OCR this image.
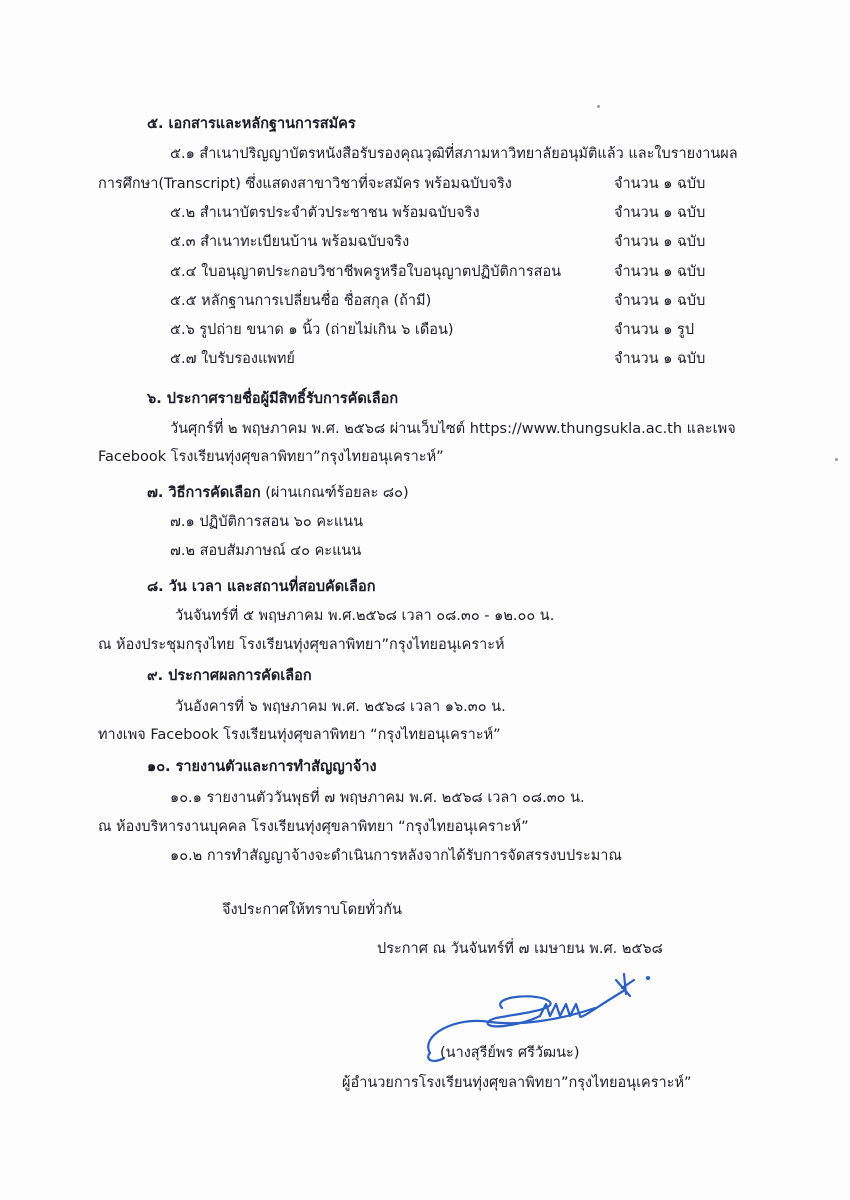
๕. เอกสารและหลักฐานการสมัคร
๕.๑ สำเนาปริญญาบัตรหนังสือรับรองคุณวุฒิที่สภามหาวิทยาลัยอนุมัติแล้ว และใบรายงานผล
การศึกษา(Transcript) ซึ่งแสดงสาขาวิชาที่จะสมัคร พร้อมฉบับจริง	จำนวน ๑ ฉบับ
๕.๒ สำเนาบัตรประจำตัวประชาชน พร้อมฉบับจริง	จำนวน ๑ ฉบับ
๕.๓ สำเนาทะเบียนบ้าน พร้อมฉบับจริง	จำนวน ๑ ฉบับ
๕.๔ ใบอนุญาตประกอบวิชาชีพครูหรือใบอนุญาตปฏิบัติการสอน	จำนวน ๑ ฉบับ
๕.๕ หลักฐานการเปลี่ยนชื่อ ชื่อสกุล (ถ้ามี)	จำนวน ๑ ฉบับ
๕.๖ รูปถ่าย ขนาด ๑ นิ้ว (ถ่ายไม่เกิน ๖ เดือน)	จำนวน ๑ รูป
๕.๗ ใบรับรองแพทย์	จำนวน ๑ ฉบับ
๖. ประกาศรายชื่อผู้มีสิทธิ์รับการคัดเลือก
วันศุกร์ที่ ๒ พฤษภาคม พ.ศ. ๒๕๖๘ ผ่านเว็บไซต์ https://www.thungsukla.ac.th และเพจ
Facebook โรงเรียนทุ่งศุขลาพิทยา”กรุงไทยอนุเคราะห์”
๗. วิธีการคัดเลือก (ผ่านเกณฑ์ร้อยละ ๘๐)
๗.๑ ปฏิบัติการสอน ๖๐ คะแนน
๗.๒ สอบสัมภาษณ์ ๔๐ คะแนน
๘. วัน เวลา และสถานที่สอบคัดเลือก
วันจันทร์ที่ ๕ พฤษภาคม พ.ศ.๒๕๖๘ เวลา ๐๘.๓๐ - ๑๒.๐๐ น.
ณ ห้องประชุมกรุงไทย โรงเรียนทุ่งศุขลาพิทยา”กรุงไทยอนุเคราะห์
๙. ประกาศผลการคัดเลือก
วันอังคารที่ ๖ พฤษภาคม พ.ศ. ๒๕๖๘ เวลา ๑๖.๓๐ น.
ทางเพจ Facebook โรงเรียนทุ่งศุขลาพิทยา “กรุงไทยอนุเคราะห์”
๑๐. รายงานตัวและการทำสัญญาจ้าง
๑๐.๑ รายงานตัววันพุธที่ ๗ พฤษภาคม พ.ศ. ๒๕๖๘ เวลา ๐๘.๓๐ น.
ณ ห้องบริหารงานบุคคล โรงเรียนทุ่งศุขลาพิทยา “กรุงไทยอนุเคราะห์”
๑๐.๒ การทำสัญญาจ้างจะดำเนินการหลังจากได้รับการจัดสรรงบประมาณ
จึงประกาศให้ทราบโดยทั่วกัน
ประกาศ ณ วันจันทร์ที่ ๗ เมษายน พ.ศ. ๒๕๖๘
(นางสุรีย์พร ศรีวัฒนะ)
ผู้อำนวยการโรงเรียนทุ่งศุขลาพิทยา”กรุงไทยอนุเคราะห์”
